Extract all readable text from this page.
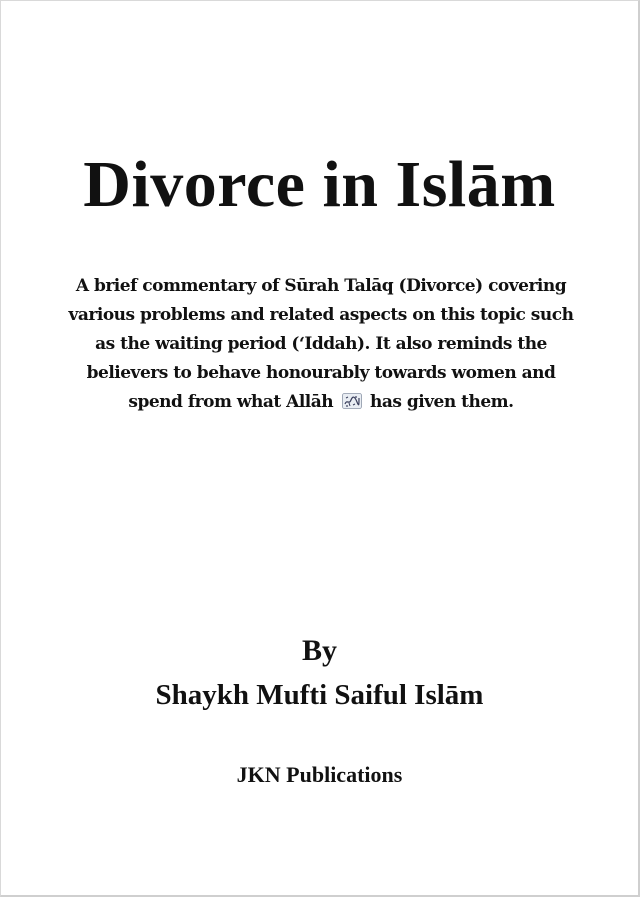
Divorce in Islām

A brief commentary of Sūrah Talāq (Divorce) covering
various problems and related aspects on this topic such
as the waiting period (‘Iddah). It also reminds the
believers to behave honourably towards women and
spend from what Allāh has given them.

By
Shaykh Mufti Saiful Islām
JKN Publications
